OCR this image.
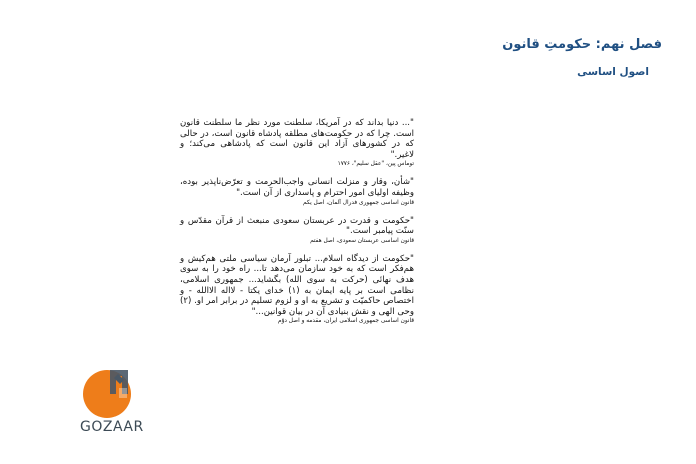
فصل نهم: حکومتِ قانون
اصول اساسی

"... دنیا بداند که در آمریکا، سلطنت مورد نظر ما سلطنت قانون است. چرا که در حکومت‌های مطلقه پادشاه قانون است، در حالی که در کشورهای آزاد این قانون است که پادشاهی می‌کند؛ و لاغیر."

توماس پین، "عقل سلیم"، ۱۷۷۶

"شأن، وقار و منزلت انسانی واجب‌الحرمت و تعرّض‌ناپذیر بوده، وظیفه اولیای امور احترام و پاسداری از آن است."

قانون اساسی جمهوری فدرال آلمان، اصل یکم

"حکومت و قدرت در عربستان سعودی منبعث از قرآن مقدّس و سنّت پیامبر است."

قانون اساسی عربستان سعودی، اصل هفتم

"حکومت از دیدگاه اسلام... تبلور آرمان سیاسی ملتی هم‌کیش و هم‌فکر است که به خود سازمان می‌دهد تا... راه خود را به سوی هدف نهائی (حرکت به سوی الله) بگشاید... جمهوری اسلامی، نظامی است بر پایه ایمان به (۱) خدای یکتا - لااله الاالله - و اختصاص حاکمیّت و تشریع به او و لزوم تسلیم در برابر امر او. (۲) وحی الهی و نقش بنیادی آن در بیان قوانین..."

قانون اساسی جمهوری اسلامی ایران، مقدمه و اصل دوّم

GOZAAR
